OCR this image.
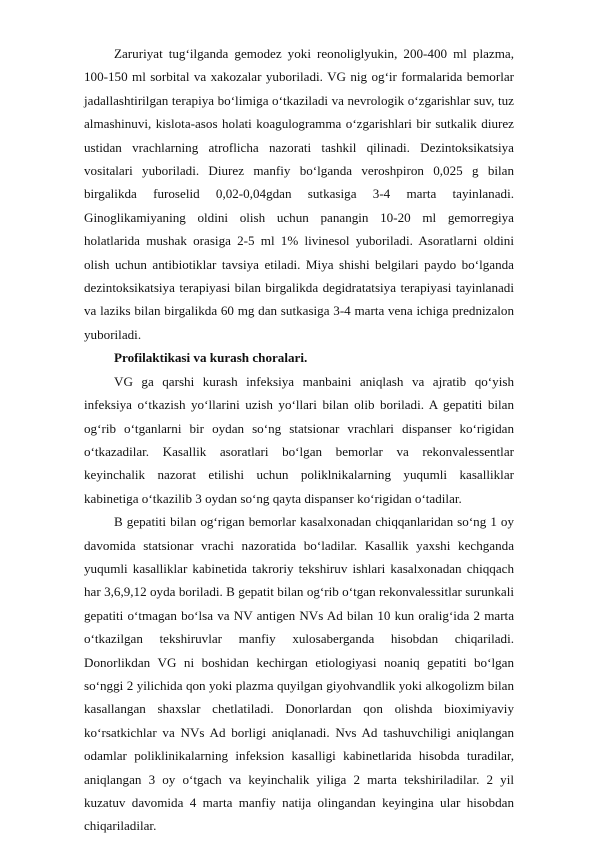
Zaruriyat tug‘ilganda gemodez yoki reonoliglyukin, 200-400 ml plazma, 100-150 ml sorbital va xakozalar yuboriladi. VG nig og‘ir formalarida bemorlar jadallashtirilgan terapiya bo‘limiga o‘tkaziladi va nevrologik o‘zgarishlar suv, tuz almashinuvi, kislota-asos holati koagulogramma o‘zgarishlari bir sutkalik diurez ustidan vrachlarning atroflicha nazorati tashkil qilinadi. Dezintoksikatsiya vositalari yuboriladi. Diurez manfiy bo‘lganda veroshpiron 0,025 g bilan birgalikda furoselid 0,02-0,04gdan sutkasiga 3-4 marta tayinlanadi. Ginoglikamiyaning oldini olish uchun panangin 10-20 ml gemorregiya holatlarida mushak orasiga 2-5 ml 1% livinesol yuboriladi. Asoratlarni oldini olish uchun antibiotiklar tavsiya etiladi. Miya shishi belgilari paydo bo‘lganda dezintoksikatsiya terapiyasi bilan birgalikda degidratatsiya terapiyasi tayinlanadi va laziks bilan birgalikda 60 mg dan sutkasiga 3-4 marta vena ichiga prednizalon yuboriladi.

Profilaktikasi va kurash choralari.

VG ga qarshi kurash infeksiya manbaini aniqlash va ajratib qo‘yish infeksiya o‘tkazish yo‘llarini uzish yo‘llari bilan olib boriladi. A gepatiti bilan og‘rib o‘tganlarni bir oydan so‘ng statsionar vrachlari dispanser ko‘rigidan o‘tkazadilar. Kasallik asoratlari bo‘lgan bemorlar va rekonvalessentlar keyinchalik nazorat etilishi uchun poliklnikalarning yuqumli kasalliklar kabinetiga o‘tkazilib 3 oydan so‘ng qayta dispanser ko‘rigidan o‘tadilar.

B gepatiti bilan og‘rigan bemorlar kasalxonadan chiqqanlaridan so‘ng 1 oy davomida statsionar vrachi nazoratida bo‘ladilar. Kasallik yaxshi kechganda yuqumli kasalliklar kabinetida takroriy tekshiruv ishlari kasalxonadan chiqqach har 3,6,9,12 oyda boriladi. B gepatit bilan og‘rib o‘tgan rekonvalessitlar surunkali gepatiti o‘tmagan bo‘lsa va NV antigen NVs Ad bilan 10 kun oralig‘ida 2 marta o‘tkazilgan tekshiruvlar manfiy xulosaberganda hisobdan chiqariladi. Donorlikdan VG ni boshidan kechirgan etiologiyasi noaniq gepatiti bo‘lgan so‘nggi 2 yilichida qon yoki plazma quyilgan giyohvandlik yoki alkogolizm bilan kasallangan shaxslar chetlatiladi. Donorlardan qon olishda bioximiyaviy ko‘rsatkichlar va NVs Ad borligi aniqlanadi. Nvs Ad tashuvchiligi aniqlangan odamlar poliklinikalarning infeksion kasalligi kabinetlarida hisobda turadilar, aniqlangan 3 oy o‘tgach va keyinchalik yiliga 2 marta tekshiriladilar. 2 yil kuzatuv davomida 4 marta manfiy natija olingandan keyingina ular hisobdan chiqariladilar.
